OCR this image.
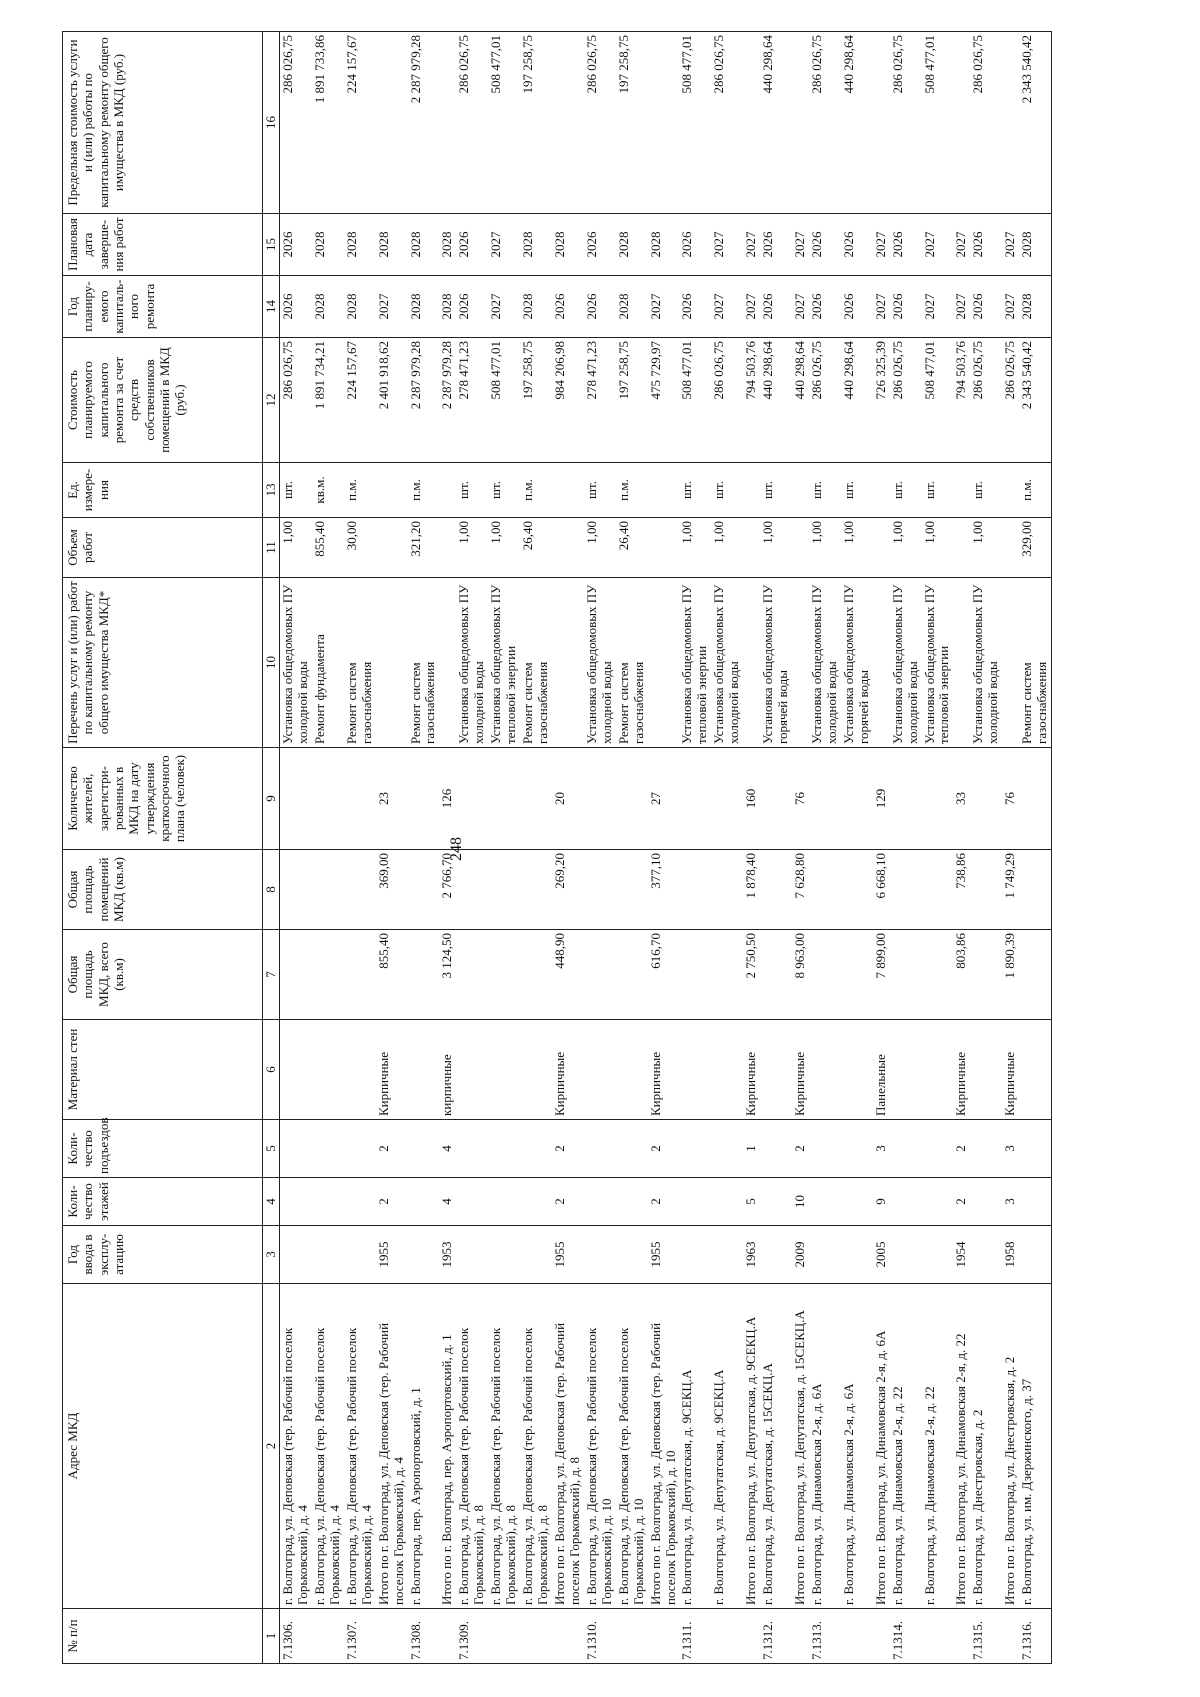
248
№ п/п	Адрес МКД	Год ввода в эксплу-атацию	Коли-чество этажей	Коли-чество подъездов	Материал стен	Общая площадь МКД, всего (кв.м)	Общая площадь помещений МКД (кв.м)	Количество жителей, зарегистри-рованных в МКД на дату утверждения краткосрочного плана (человек)	Перечень услуг и (или) работ по капитальному ремонту общего имущества МКД*	Объем работ	Ед. измере-ния	Стоимость планируемого капитального ремонта за счет средств собственников помещений в МКД (руб.)	Год планиру-емого капиталь-ного ремонта	Плановая дата заверше-ния работ	Предельная стоимость услуги и (или) работы по капитальному ремонту общего имущества в МКД (руб.)
1	2	3	4	5	6	7	8	9	10	11	13	12	14	15	16
7.1306.	г. Волгоград, ул. Деповская (тер. Рабочий поселок Горьковский), д. 4								Установка общедомовых ПУ холодной воды	1,00	шт.	286 026,75	2026	2026	286 026,75
	г. Волгоград, ул. Деповская (тер. Рабочий поселок Горьковский), д. 4								Ремонт фундамента	855,40	кв.м.	1 891 734,21	2028	2028	1 891 733,86
7.1307.	г. Волгоград, ул. Деповская (тер. Рабочий поселок Горьковский), д. 4								Ремонт систем газоснабжения	30,00	п.м.	224 157,67	2028	2028	224 157,67
	Итого по г. Волгоград, ул. Деповская (тер. Рабочий поселок Горьковский), д. 4	1955	2	2	Кирпичные	855,40	369,00	23				2 401 918,62	2027	2028	
7.1308.	г. Волгоград, пер. Аэропортовский, д. 1								Ремонт систем газоснабжения	321,20	п.м.	2 287 979,28	2028	2028	2 287 979,28
	Итого по г. Волгоград, пер. Аэропортовский, д. 1	1953	4	4	кирпичные	3 124,50	2 766,70	126				2 287 979,28	2028	2028	
7.1309.	г. Волгоград, ул. Деповская (тер. Рабочий поселок Горьковский), д. 8								Установка общедомовых ПУ холодной воды	1,00	шт.	278 471,23	2026	2026	286 026,75
	г. Волгоград, ул. Деповская (тер. Рабочий поселок Горьковский), д. 8								Установка общедомовых ПУ тепловой энергии	1,00	шт.	508 477,01	2027	2027	508 477,01
	г. Волгоград, ул. Деповская (тер. Рабочий поселок Горьковский), д. 8								Ремонт систем газоснабжения	26,40	п.м.	197 258,75	2028	2028	197 258,75
	Итого по г. Волгоград, ул. Деповская (тер. Рабочий поселок Горьковский), д. 8	1955	2	2	Кирпичные	448,90	269,20	20				984 206,98	2026	2028	
7.1310.	г. Волгоград, ул. Деповская (тер. Рабочий поселок Горьковский), д. 10								Установка общедомовых ПУ холодной воды	1,00	шт.	278 471,23	2026	2026	286 026,75
	г. Волгоград, ул. Деповская (тер. Рабочий поселок Горьковский), д. 10								Ремонт систем газоснабжения	26,40	п.м.	197 258,75	2028	2028	197 258,75
	Итого по г. Волгоград, ул. Деповская (тер. Рабочий поселок Горьковский), д. 10	1955	2	2	Кирпичные	616,70	377,10	27				475 729,97	2027	2028	
7.1311.	г. Волгоград, ул. Депутатская, д. 9СЕКЦ.А								Установка общедомовых ПУ тепловой энергии	1,00	шт.	508 477,01	2026	2026	508 477,01
	г. Волгоград, ул. Депутатская, д. 9СЕКЦ.А								Установка общедомовых ПУ холодной воды	1,00	шт.	286 026,75	2027	2027	286 026,75
	Итого по г. Волгоград, ул. Депутатская, д. 9СЕКЦ.А	1963	5	1	Кирпичные	2 750,50	1 878,40	160				794 503,76	2027	2027	
7.1312.	г. Волгоград, ул. Депутатская, д. 15СЕКЦ.А								Установка общедомовых ПУ горячей воды	1,00	шт.	440 298,64	2026	2026	440 298,64
	Итого по г. Волгоград, ул. Депутатская, д. 15СЕКЦ.А	2009	10	2	Кирпичные	8 963,00	7 628,80	76				440 298,64	2027	2027	
7.1313.	г. Волгоград, ул. Динамовская 2-я, д. 6А								Установка общедомовых ПУ холодной воды	1,00	шт.	286 026,75	2026	2026	286 026,75
	г. Волгоград, ул. Динамовская 2-я, д. 6А								Установка общедомовых ПУ горячей воды	1,00	шт.	440 298,64	2026	2026	440 298,64
	Итого по г. Волгоград, ул. Динамовская 2-я, д. 6А	2005	9	3	Панельные	7 899,00	6 668,10	129				726 325,39	2027	2027	
7.1314.	г. Волгоград, ул. Динамовская 2-я, д. 22								Установка общедомовых ПУ холодной воды	1,00	шт.	286 026,75	2026	2026	286 026,75
	г. Волгоград, ул. Динамовская 2-я, д. 22								Установка общедомовых ПУ тепловой энергии	1,00	шт.	508 477,01	2027	2027	508 477,01
	Итого по г. Волгоград, ул. Динамовская 2-я, д. 22	1954	2	2	Кирпичные	803,86	738,86	33				794 503,76	2027	2027	
7.1315.	г. Волгоград, ул. Днестровская, д. 2								Установка общедомовых ПУ холодной воды	1,00	шт.	286 026,75	2026	2026	286 026,75
	Итого по г. Волгоград, ул. Днестровская, д. 2	1958	3	3	Кирпичные	1 890,39	1 749,29	76				286 026,75	2027	2027	
7.1316.	г. Волгоград, ул. им. Дзержинского, д. 37								Ремонт систем газоснабжения	329,00	п.м.	2 343 540,42	2028	2028	2 343 540,42
